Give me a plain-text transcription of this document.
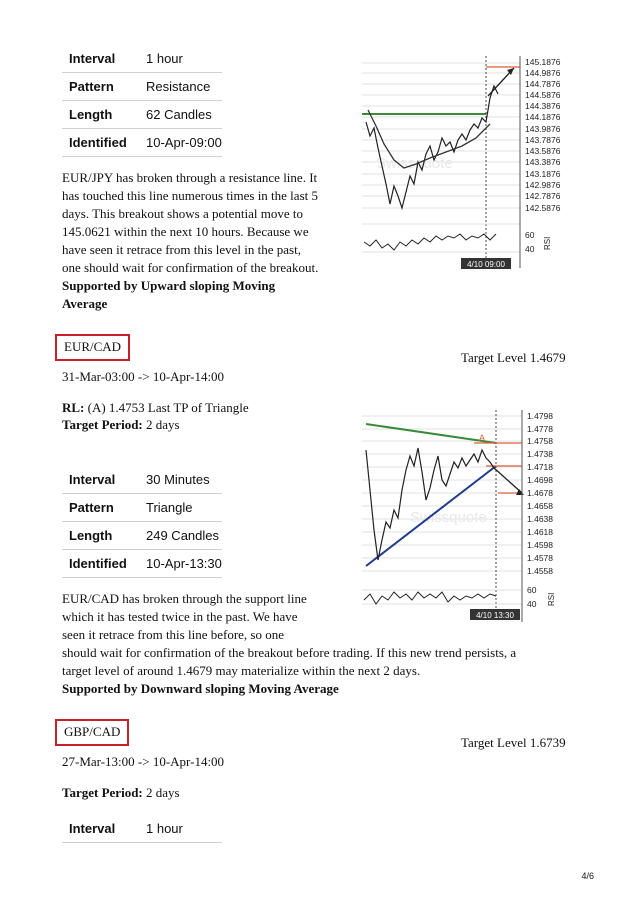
Interval	1 hour
Pattern	Resistance
Length	62 Candles
Identified	10-Apr-09:00
EUR/JPY has broken through a resistance line. It
has touched this line numerous times in the last 5
days. This breakout shows a potential move to
145.0621 within the next 10 hours. Because we
have seen it retrace from this level in the past,
one should wait for confirmation of the breakout.
Supported by Upward sloping Moving
Average
Swissquote
4/10 09:00
145.1876
144.9876
144.7876
144.5876
144.3876
144.1876
143.9876
143.7876
143.5876
143.3876
143.1876
142.9876
142.7876
142.5876
60
40 RSI
EUR/CAD
Target Level 1.4679
31-Mar-03:00 -> 10-Apr-14:00
RL: (A) 1.4753 Last TP of Triangle
Target Period: 2 days
Interval	30 Minutes
Pattern	Triangle
Length	249 Candles
Identified	10-Apr-13:30
EUR/CAD has broken through the support line
which it has tested twice in the past. We have
seen it retrace from this line before, so one
should wait for confirmation of the breakout before trading. If this new trend persists, a
target level of around 1.4679 may materialize within the next 2 days.
Supported by Downward sloping Moving Average
Swissquote
A
4/10 13:30
1.4798
1.4778
1.4758
1.4738
1.4718
1.4698
1.4678
1.4658
1.4638
1.4618
1.4598
1.4578
1.4558
60
40 RSI
GBP/CAD
Target Level 1.6739
27-Mar-13:00 -> 10-Apr-14:00
Target Period: 2 days
Interval	1 hour
4/6
